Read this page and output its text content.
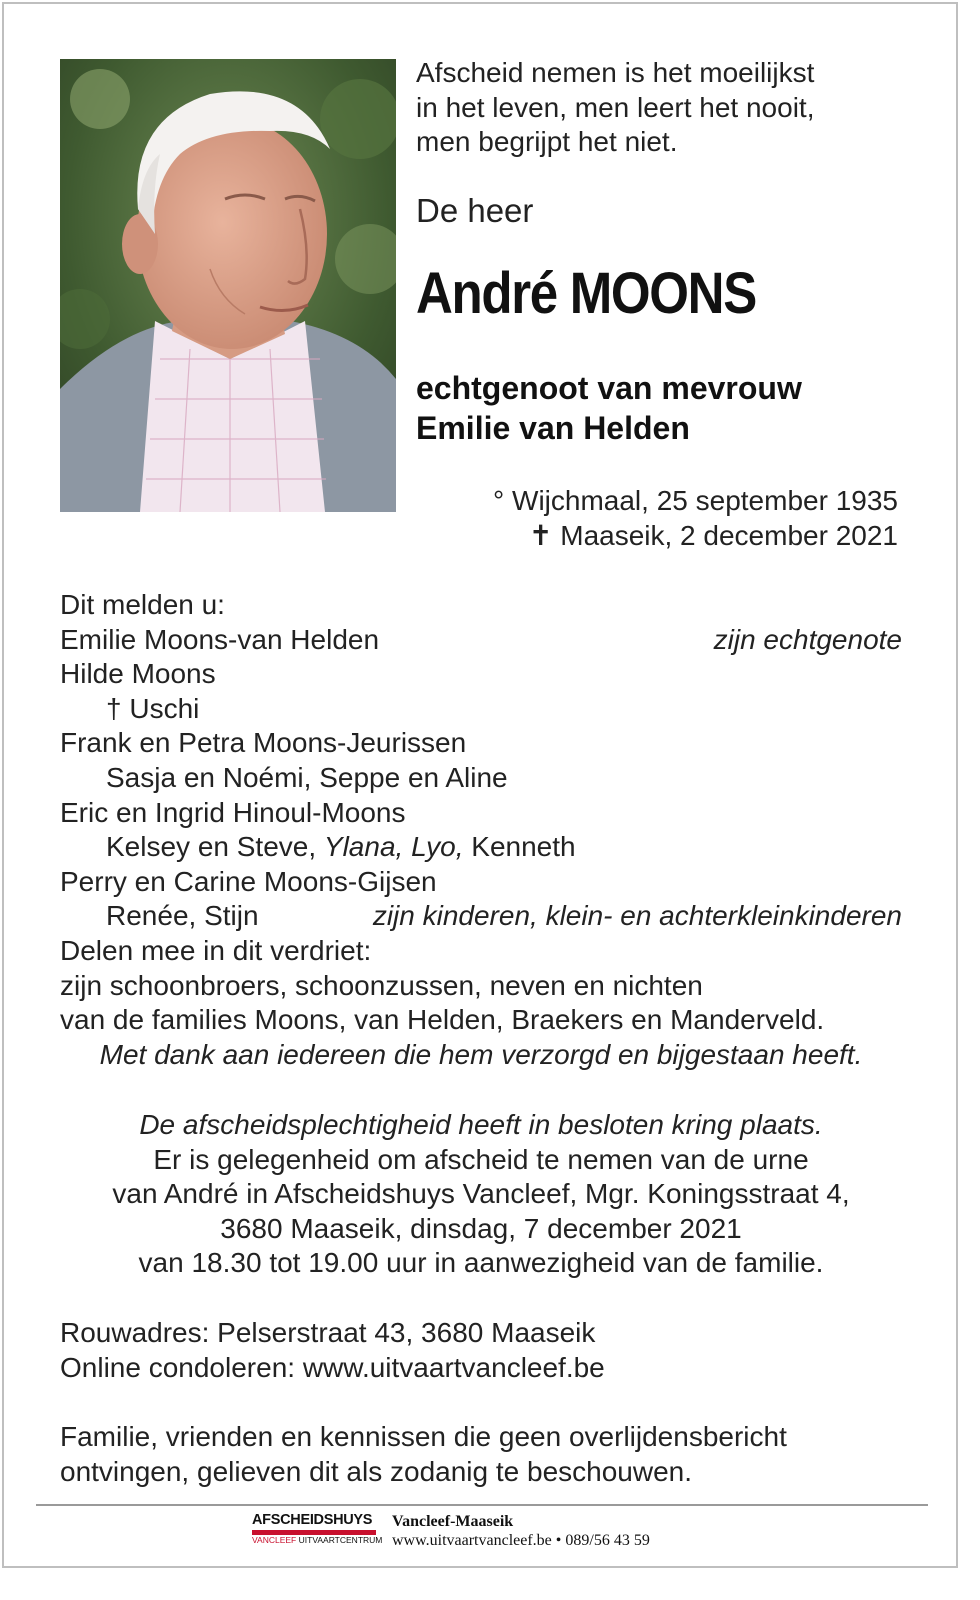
Afscheid nemen is het moeilijkst
in het leven, men leert het nooit,
men begrijpt het niet.
De heer
André MOONS
echtgenoot van mevrouw
Emilie van Helden
° Wijchmaal, 25 september 1935
✝ Maaseik, 2 december 2021
Dit melden u:
Emilie Moons-van Helden	zijn echtgenote
Hilde Moons
† Uschi
Frank en Petra Moons-Jeurissen
Sasja en Noémi, Seppe en Aline
Eric en Ingrid Hinoul-Moons
Kelsey en Steve, Ylana, Lyo, Kenneth
Perry en Carine Moons-Gijsen
Renée, Stijn	zijn kinderen, klein- en achterkleinkinderen
Delen mee in dit verdriet:
zijn schoonbroers, schoonzussen, neven en nichten
van de families Moons, van Helden, Braekers en Manderveld.
Met dank aan iedereen die hem verzorgd en bijgestaan heeft.
De afscheidsplechtigheid heeft in besloten kring plaats.
Er is gelegenheid om afscheid te nemen van de urne
van André in Afscheidshuys Vancleef, Mgr. Koningsstraat 4,
3680 Maaseik, dinsdag, 7 december 2021
van 18.30 tot 19.00 uur in aanwezigheid van de familie.
Rouwadres: Pelserstraat 43, 3680 Maaseik
Online condoleren: www.uitvaartvancleef.be
Familie, vrienden en kennissen die geen overlijdensbericht
ontvingen, gelieven dit als zodanig te beschouwen.
AFSCHEIDSHUYS
VANCLEEF UITVAARTCENTRUM
Vancleef-Maaseik
www.uitvaartvancleef.be • 089/56 43 59
